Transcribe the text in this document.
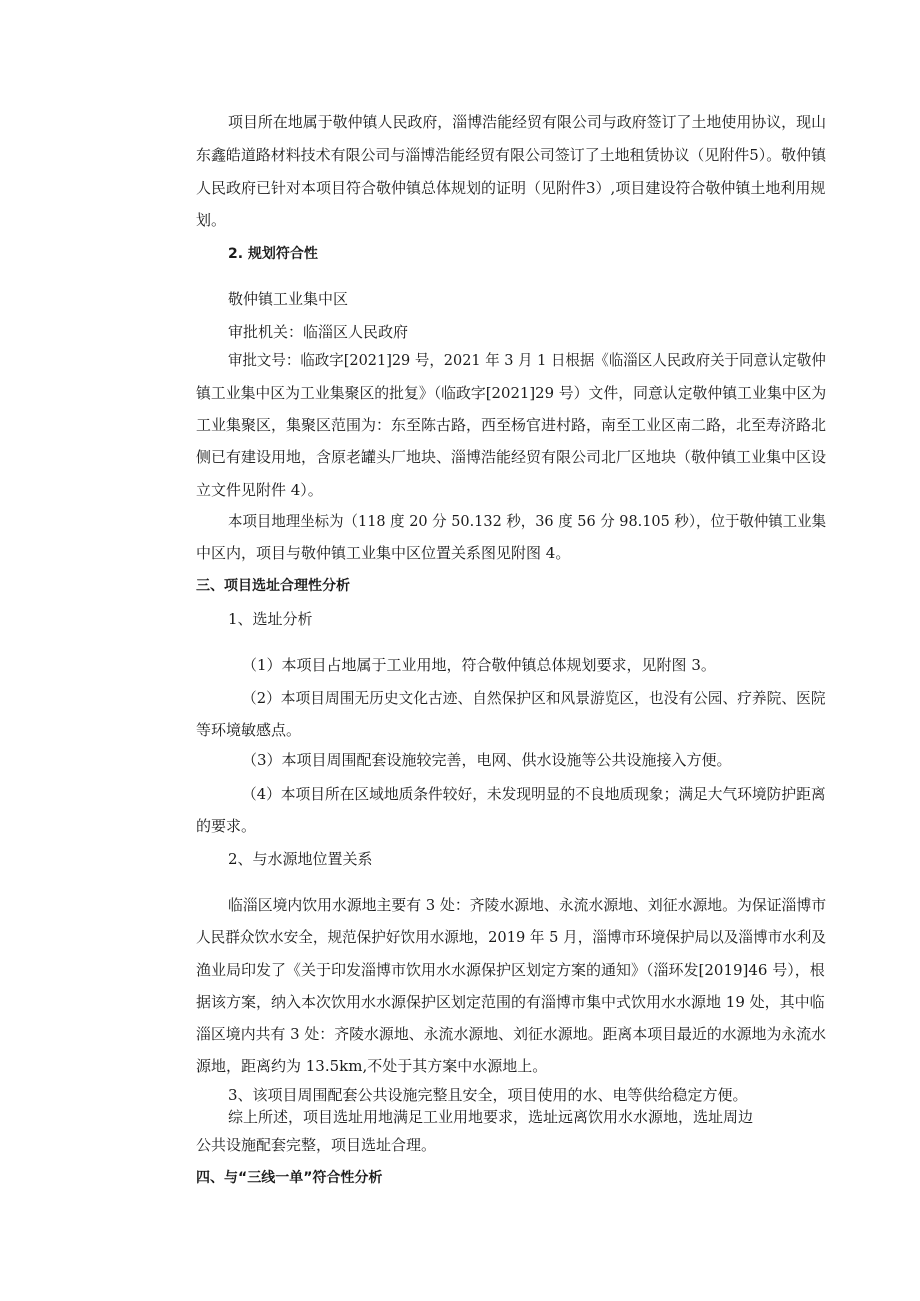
项目所在地属于敬仲镇人民政府，淄博浩能经贸有限公司与政府签订了土地使用协议，现山
东鑫皓道路材料技术有限公司与淄博浩能经贸有限公司签订了土地租赁协议（见附件5）。敬仲镇
人民政府已针对本项目符合敬仲镇总体规划的证明（见附件3）,项目建设符合敬仲镇土地利用规
划。
2. 规划符合性
敬仲镇工业集中区
审批机关：临淄区人民政府
审批文号：临政字[2021]29 号，2021 年 3 月 1 日根据《临淄区人民政府关于同意认定敬仲
镇工业集中区为工业集聚区的批复》（临政字[2021]29 号）文件，同意认定敬仲镇工业集中区为
工业集聚区，集聚区范围为：东至陈古路，西至杨官进村路，南至工业区南二路，北至寿济路北
侧已有建设用地，含原老罐头厂地块、淄博浩能经贸有限公司北厂区地块（敬仲镇工业集中区设
立文件见附件 4）。
本项目地理坐标为（118 度 20 分 50.132 秒，36 度 56 分 98.105 秒），位于敬仲镇工业集
中区内，项目与敬仲镇工业集中区位置关系图见附图 4。
三、项目选址合理性分析
1、选址分析
（1）本项目占地属于工业用地，符合敬仲镇总体规划要求，见附图 3。
（2）本项目周围无历史文化古迹、自然保护区和风景游览区，也没有公园、疗养院、医院
等环境敏感点。
（3）本项目周围配套设施较完善，电网、供水设施等公共设施接入方便。
（4）本项目所在区域地质条件较好，未发现明显的不良地质现象；满足大气环境防护距离
的要求。
2、与水源地位置关系
临淄区境内饮用水源地主要有 3 处：齐陵水源地、永流水源地、刘征水源地。为保证淄博市
人民群众饮水安全，规范保护好饮用水源地，2019 年 5 月，淄博市环境保护局以及淄博市水利及
渔业局印发了《关于印发淄博市饮用水水源保护区划定方案的通知》（淄环发[2019]46 号），根
据该方案，纳入本次饮用水水源保护区划定范围的有淄博市集中式饮用水水源地 19 处，其中临
淄区境内共有 3 处：齐陵水源地、永流水源地、刘征水源地。距离本项目最近的水源地为永流水
源地，距离约为 13.5km,不处于其方案中水源地上。
3、该项目周围配套公共设施完整且安全，项目使用的水、电等供给稳定方便。
综上所述，项目选址用地满足工业用地要求，选址远离饮用水水源地，选址周边
公共设施配套完整，项目选址合理。
四、与“三线一单”符合性分析
